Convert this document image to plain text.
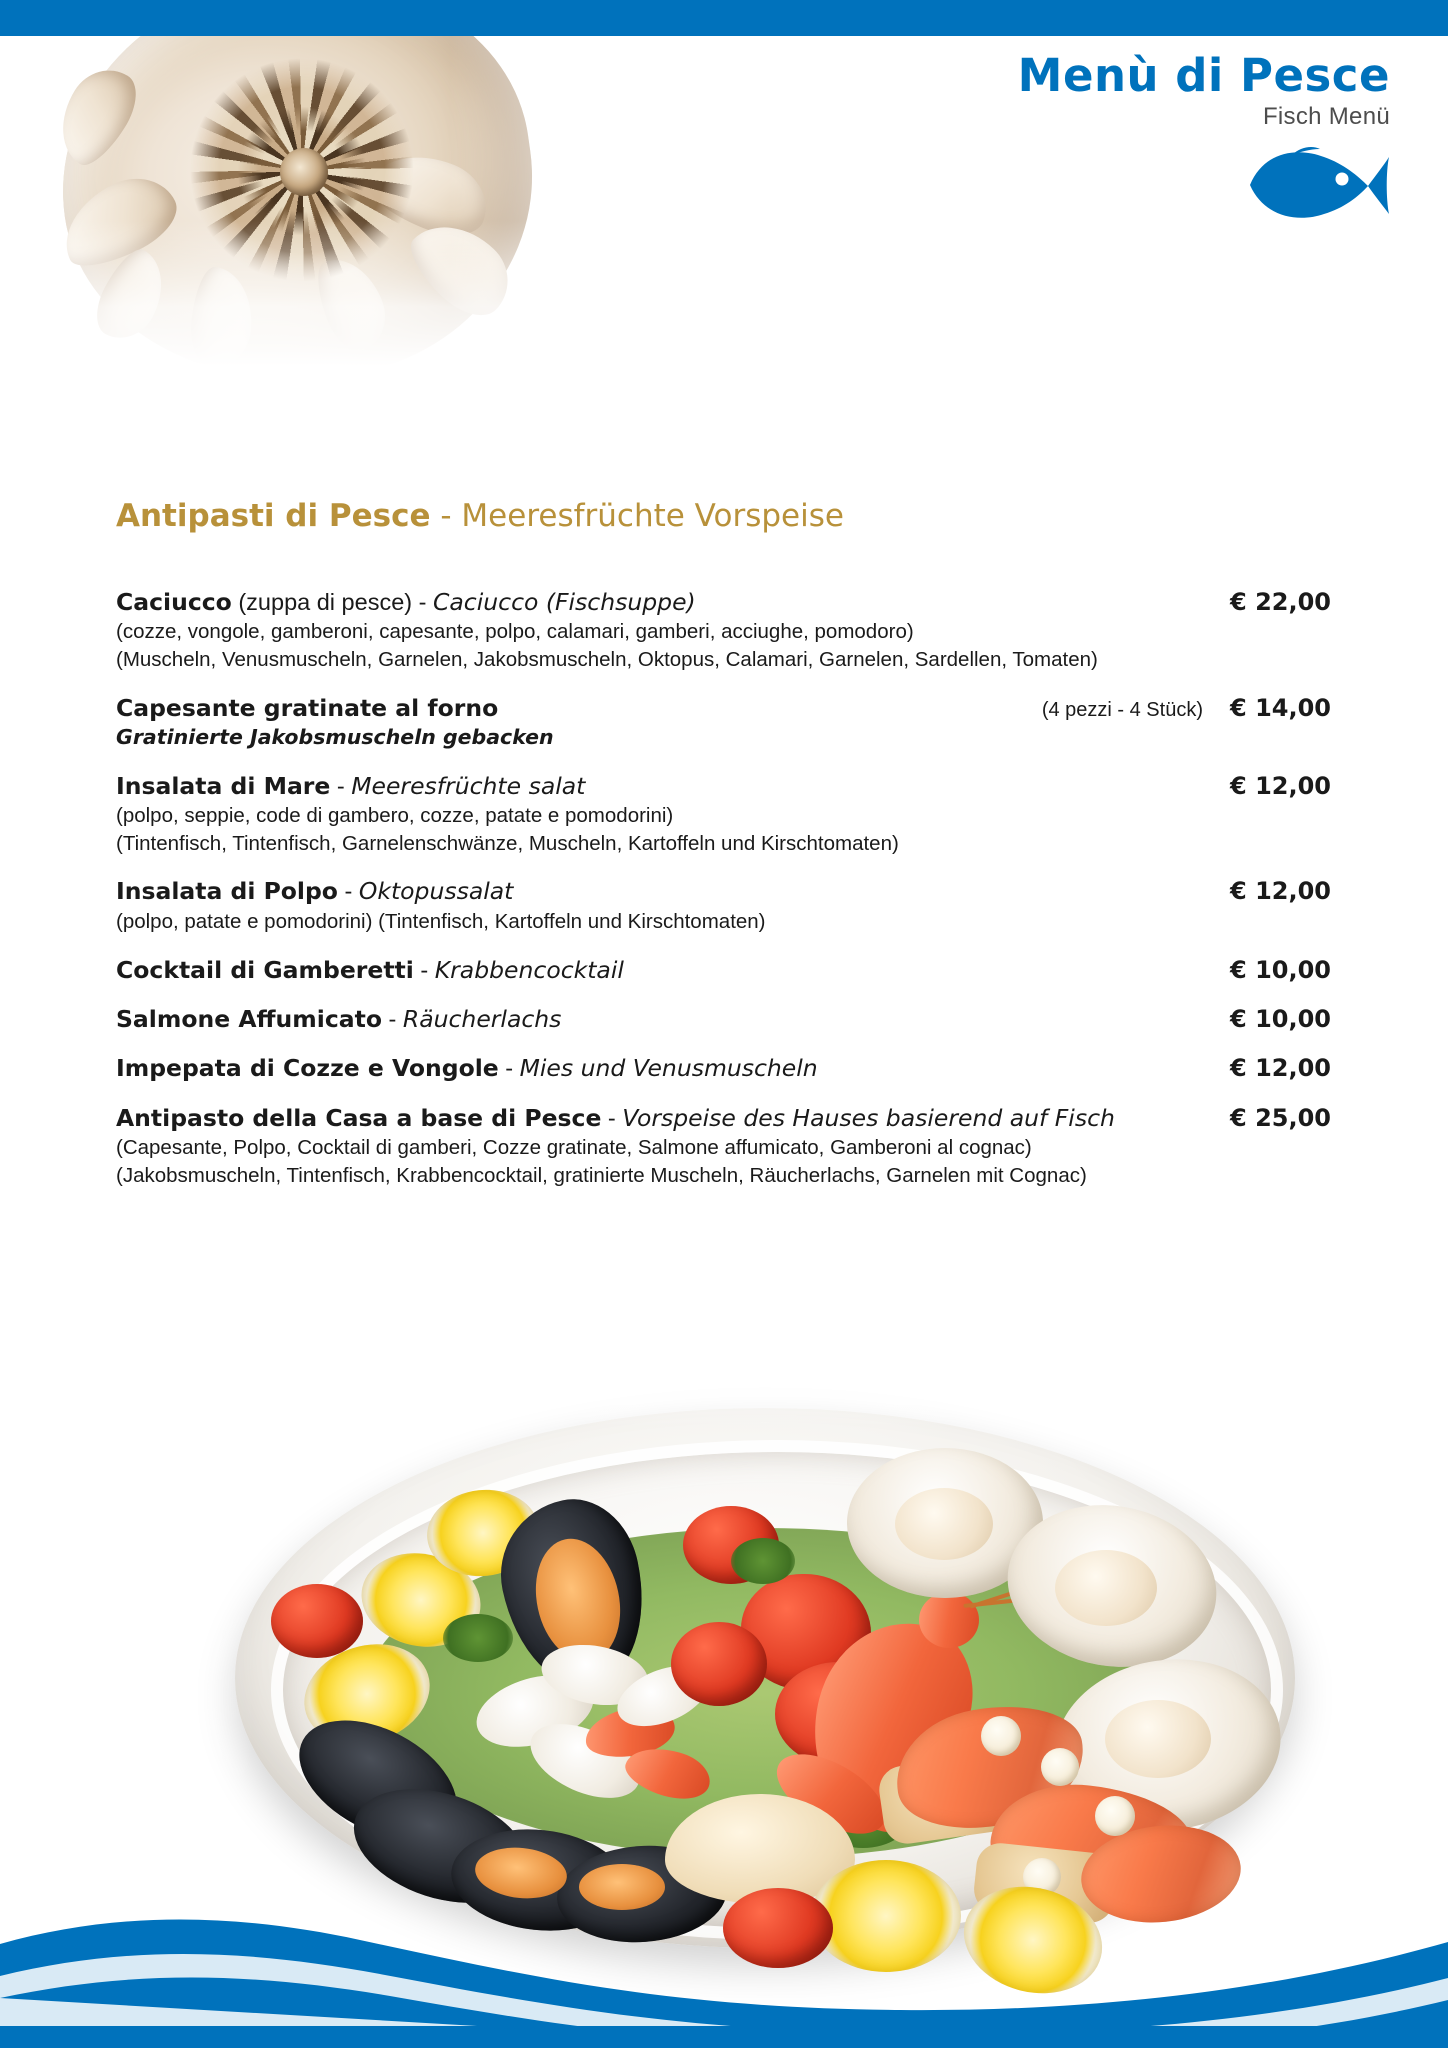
Menù di Pesce
Fisch Menü
Antipasti di Pesce - Meeresfrüchte Vorspeise
Caciucco (zuppa di pesce) - Caciucco (Fischsuppe)	€ 22,00
(cozze, vongole, gamberoni, capesante, polpo, calamari, gamberi, acciughe, pomodoro)
(Muscheln, Venusmuscheln, Garnelen, Jakobsmuscheln, Oktopus, Calamari, Garnelen, Sardellen, Tomaten)
Capesante gratinate al forno	(4 pezzi - 4 Stück)	€ 14,00
Gratinierte Jakobsmuscheln gebacken
Insalata di Mare - Meeresfrüchte salat	€ 12,00
(polpo, seppie, code di gambero, cozze, patate e pomodorini)
(Tintenfisch, Tintenfisch, Garnelenschwänze, Muscheln, Kartoffeln und Kirschtomaten)
Insalata di Polpo - Oktopussalat	€ 12,00
(polpo, patate e pomodorini) (Tintenfisch, Kartoffeln und Kirschtomaten)
Cocktail di Gamberetti - Krabbencocktail	€ 10,00
Salmone Affumicato - Räucherlachs	€ 10,00
Impepata di Cozze e Vongole - Mies und Venusmuscheln	€ 12,00
Antipasto della Casa a base di Pesce - Vorspeise des Hauses basierend auf Fisch	€ 25,00
(Capesante, Polpo, Cocktail di gamberi, Cozze gratinate, Salmone affumicato, Gamberoni al cognac)
(Jakobsmuscheln, Tintenfisch, Krabbencocktail, gratinierte Muscheln, Räucherlachs, Garnelen mit Cognac)
